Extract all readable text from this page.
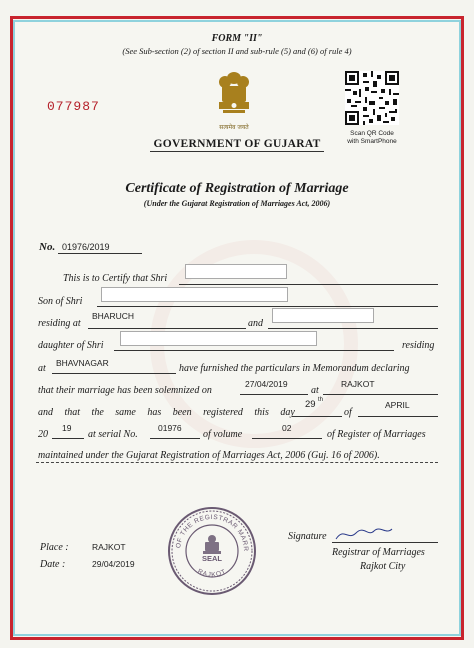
FORM "II"
(See Sub-section (2) of section II and sub-rule (5) and (6) of rule 4)
077987
सत्यमेव जयते
Scan QR Code
with SmartPhone
GOVERNMENT OF GUJARAT
Certificate of Registration of Marriage
(Under the Gujarat Registration of Marriages Act, 2006)
No. 01976/2019
This is to Certify that Shri
Son of Shri
residing at
BHARUCH
and
daughter of Shri	residing
at BHAVNAGAR	have furnished the particulars in Memorandum declaring
that their marriage has been solemnized on
27/04/2019
at
RAJKOT
and that the same has been registered this day
29 th
of
APRIL
20
19
at serial No.
01976
of volume
02
of Register of Marriages
maintained under the Gujarat Registration of Marriages Act, 2006 (Guj. 16 of 2006).
Place :	RAJKOT
Date :	29/04/2019
OF THE REGISTRAR MARR
RAJKOT
SEAL
Signature
Registrar of Marriages
Rajkot City
